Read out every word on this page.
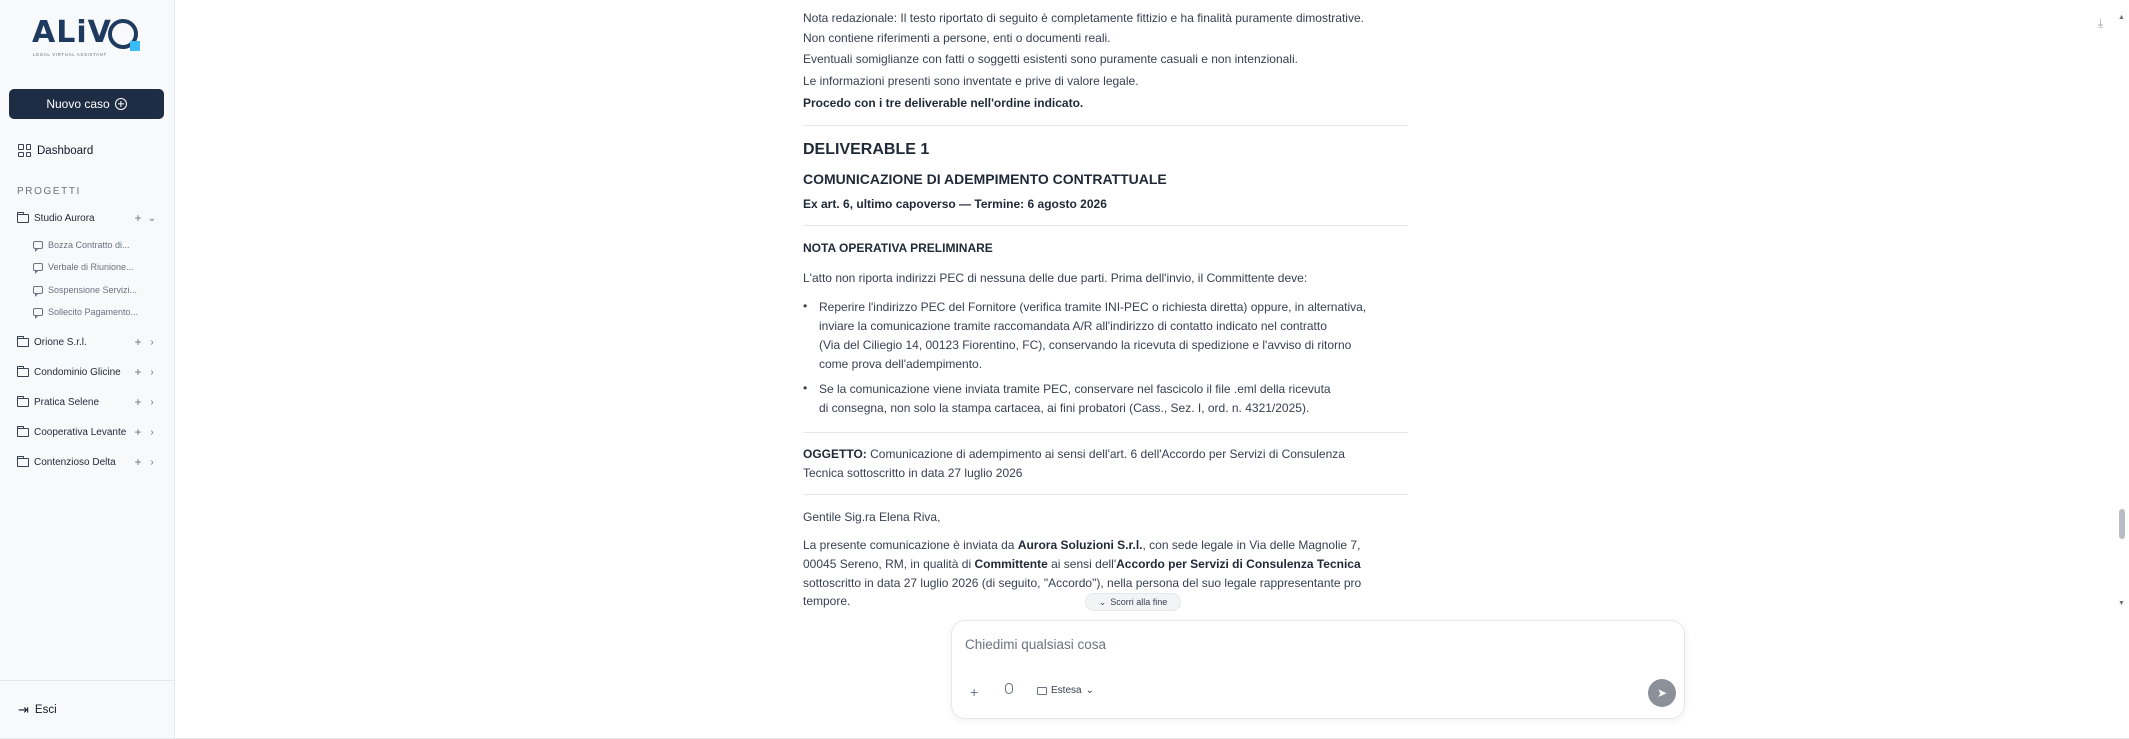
ALiV
LEGAL VIRTUAL ASSISTANT
Nuovo caso
Dashboard
PROGETTI
Studio Aurora	+ ⌄
Bozza Contratto di...
Verbale di Riunione...
Sospensione Servizi...
Sollecito Pagamento...
Orione S.r.l.	+ ›
Condominio Glicine	+ ›
Pratica Selene	+ ›
Cooperativa Levante + ›
Contenzioso Delta	+ ›
⇥ Esci
⤓
Nota redazionale: Il testo riportato di seguito è completamente fittizio e ha finalità puramente dimostrative.
Non contiene riferimenti a persone, enti o documenti reali.
Eventuali somiglianze con fatti o soggetti esistenti sono puramente casuali e non intenzionali.
Le informazioni presenti sono inventate e prive di valore legale.
Procedo con i tre deliverable nell'ordine indicato.
DELIVERABLE 1
COMUNICAZIONE DI ADEMPIMENTO CONTRATTUALE
Ex art. 6, ultimo capoverso — Termine: 6 agosto 2026
NOTA OPERATIVA PRELIMINARE
L'atto non riporta indirizzi PEC di nessuna delle due parti. Prima dell'invio, il Committente deve:
• Reperire l'indirizzo PEC del Fornitore (verifica tramite INI-PEC o richiesta diretta) oppure, in alternativa,
inviare la comunicazione tramite raccomandata A/R all'indirizzo di contatto indicato nel contratto
(Via del Ciliegio 14, 00123 Fiorentino, FC), conservando la ricevuta di spedizione e l'avviso di ritorno
come prova dell'adempimento.
• Se la comunicazione viene inviata tramite PEC, conservare nel fascicolo il file .eml della ricevuta
di consegna, non solo la stampa cartacea, ai fini probatori (Cass., Sez. I, ord. n. 4321/2025).
OGGETTO: Comunicazione di adempimento ai sensi dell'art. 6 dell'Accordo per Servizi di Consulenza
Tecnica sottoscritto in data 27 luglio 2026
Gentile Sig.ra Elena Riva,
La presente comunicazione è inviata da Aurora Soluzioni S.r.l., con sede legale in Via delle Magnolie 7,
00045 Sereno, RM, in qualità di Committente ai sensi dell'Accordo per Servizi di Consulenza Tecnica
sottoscritto in data 27 luglio 2026 (di seguito, "Accordo"), nella persona del suo legale rappresentante pro
tempore.	⌄ Scorri alla fine
Chiedimi qualsiasi cosa
+	Estesa ⌄	➤
▲
▼
